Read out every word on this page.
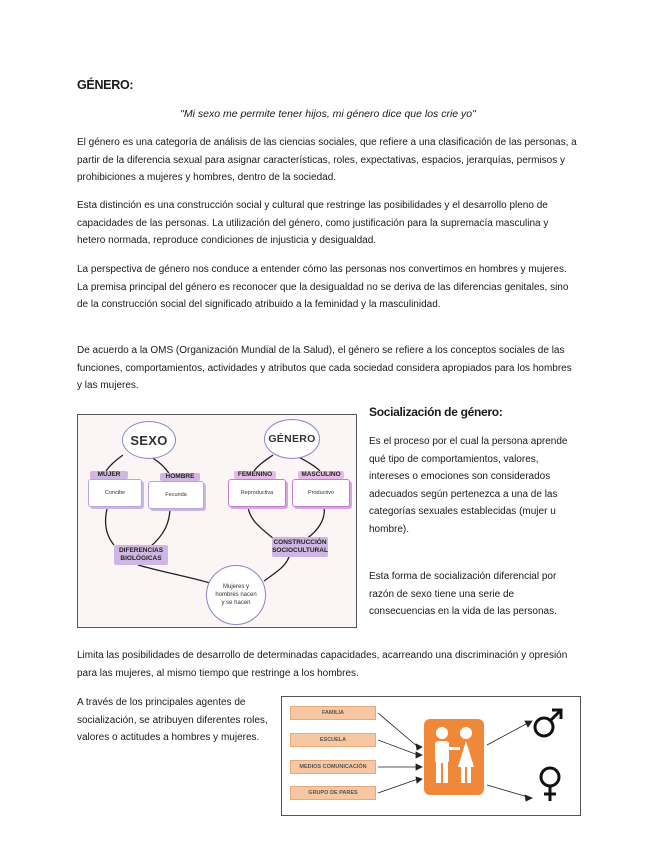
GÉNERO:
"Mi sexo me permite tener hijos, mi género dice que los crie yo"

El género es una categoría de análisis de las ciencias sociales, que refiere a una clasificación de las personas, a partir de la diferencia sexual para asignar características, roles, expectativas, espacios, jerarquías, permisos y prohibiciones a mujeres y hombres, dentro de la sociedad.

Esta distinción es una construcción social y cultural que restringe las posibilidades y el desarrollo pleno de capacidades de las personas. La utilización del género, como justificación para la supremacía masculina y hetero normada, reproduce condiciones de injusticia y desigualdad.

La perspectiva de género nos conduce a entender cómo las personas nos convertimos en hombres y mujeres. La premisa principal del género es reconocer que la desigualdad no se deriva de las diferencias genitales, sino de la construcción social del significado atribuido a la feminidad y la masculinidad.

De acuerdo a la OMS (Organización Mundial de la Salud), el género se refiere a los conceptos sociales de las funciones, comportamientos, actividades y atributos que cada sociedad considera apropiados para los hombres y las mujeres.

SEXO	GÉNERO
MUJER
Concibe
HOMBRE
Fecunda
FEMENINO
Reproductiva
MASCULINO
Productivo
DIFERENCIAS BIOLÓGICAS
CONSTRUCCIÓN SOCIOCULTURAL
Mujeres y hombres nacen y se hacen
Socialización de género:

Es el proceso por el cual la persona aprende qué tipo de comportamientos, valores, intereses o emociones son considerados adecuados según pertenezca a una de las categorías sexuales establecidas (mujer u hombre).

Esta forma de socialización diferencial por razón de sexo tiene una serie de consecuencias en la vida de las personas.

Limita las posibilidades de desarrollo de determinadas capacidades, acarreando una discriminación y opresión para las mujeres, al mismo tiempo que restringe a los hombres.

A través de los principales agentes de socialización, se atribuyen diferentes roles, valores o actitudes a hombres y mujeres.

FAMILIA
ESCUELA
MEDIOS COMUNICACIÓN
GRUPO DE PARES
